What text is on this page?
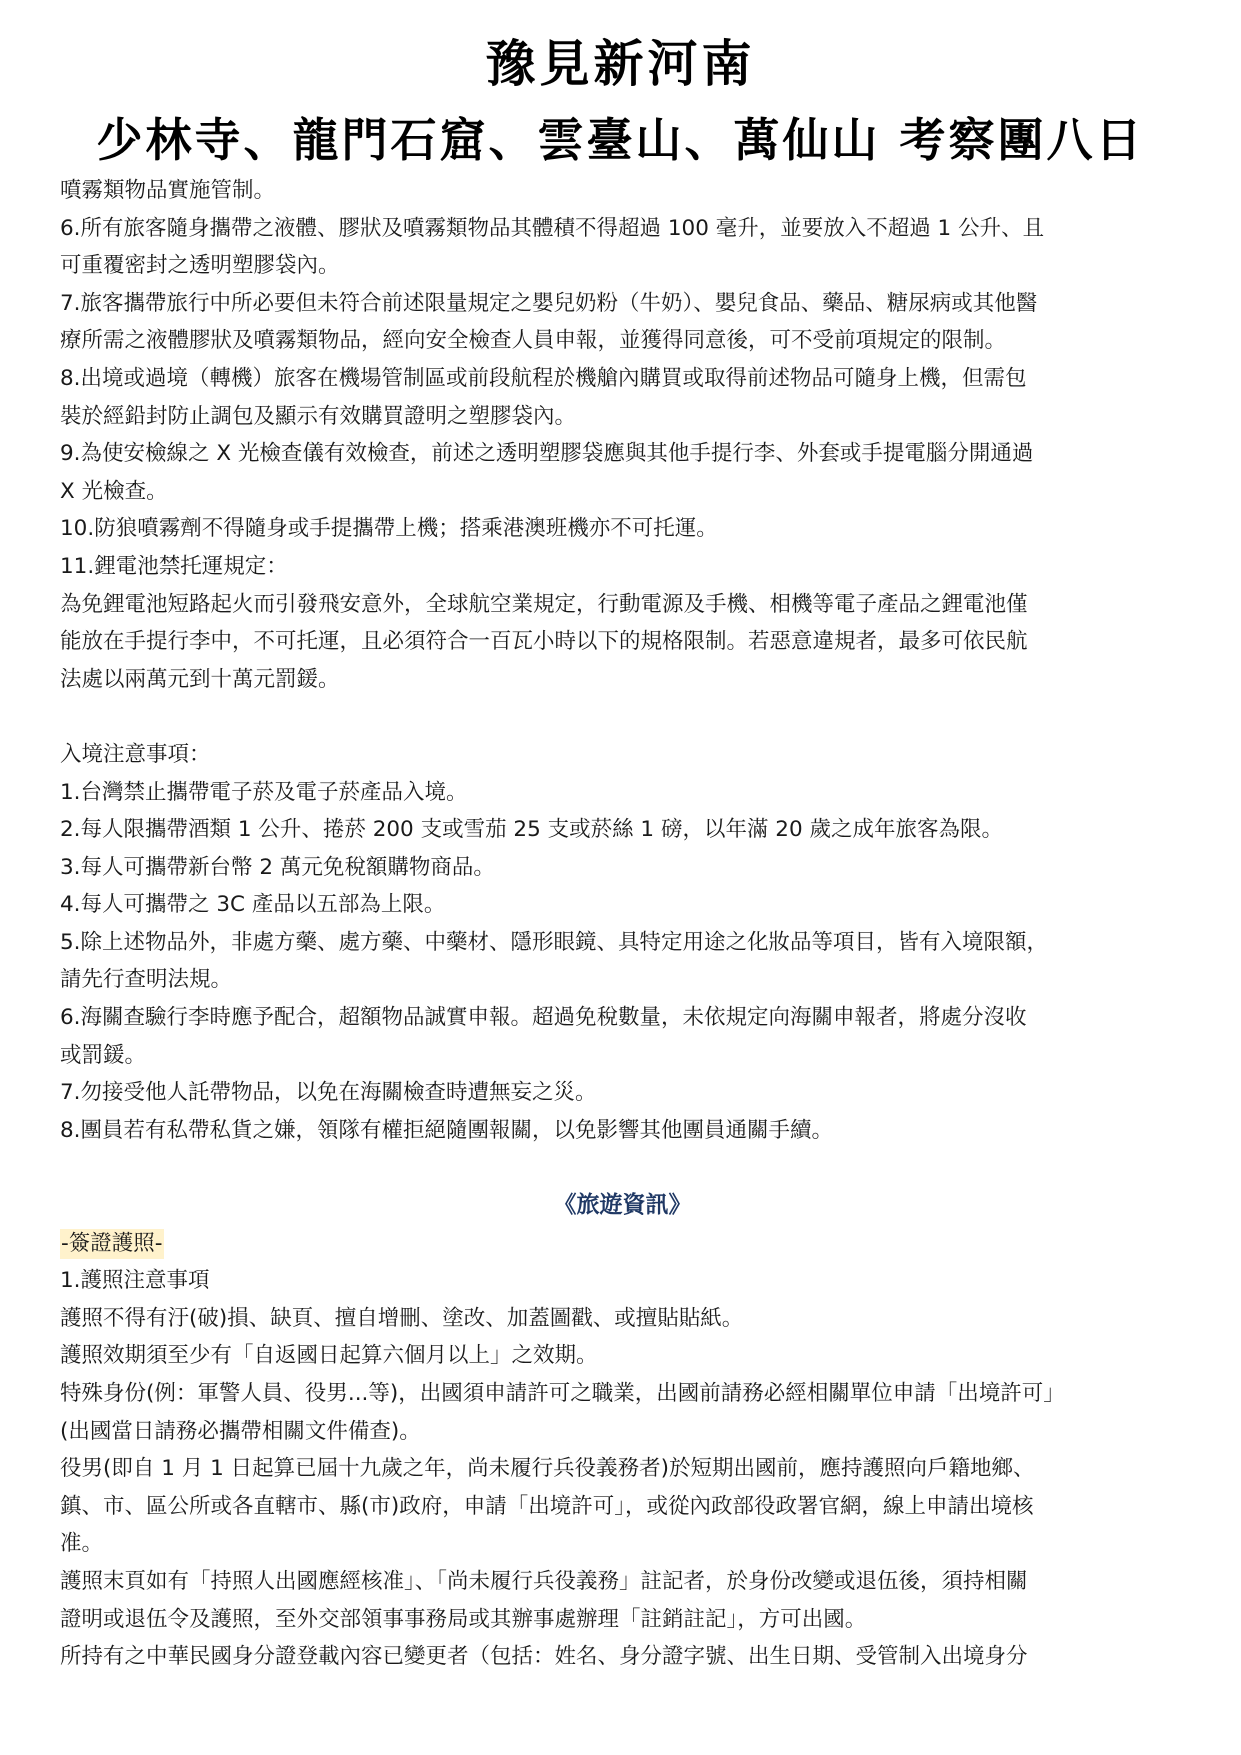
豫見新河南
少林寺、龍門石窟、雲臺山、萬仙山 考察團八日
噴霧類物品實施管制。
6.所有旅客隨身攜帶之液體、膠狀及噴霧類物品其體積不得超過 100 毫升，並要放入不超過 1 公升、且
可重覆密封之透明塑膠袋內。
7.旅客攜帶旅行中所必要但未符合前述限量規定之嬰兒奶粉（牛奶）、嬰兒食品、藥品、糖尿病或其他醫
療所需之液體膠狀及噴霧類物品，經向安全檢查人員申報，並獲得同意後，可不受前項規定的限制。
8.出境或過境（轉機）旅客在機場管制區或前段航程於機艙內購買或取得前述物品可隨身上機，但需包
裝於經鉛封防止調包及顯示有效購買證明之塑膠袋內。
9.為使安檢線之 X 光檢查儀有效檢查，前述之透明塑膠袋應與其他手提行李、外套或手提電腦分開通過
X 光檢查。
10.防狼噴霧劑不得隨身或手提攜帶上機；搭乘港澳班機亦不可托運。
11.鋰電池禁托運規定：
為免鋰電池短路起火而引發飛安意外，全球航空業規定，行動電源及手機、相機等電子產品之鋰電池僅
能放在手提行李中，不可托運，且必須符合一百瓦小時以下的規格限制。若惡意違規者，最多可依民航
法處以兩萬元到十萬元罰鍰。
入境注意事項：
1.台灣禁止攜帶電子菸及電子菸產品入境。
2.每人限攜帶酒類 1 公升、捲菸 200 支或雪茄 25 支或菸絲 1 磅，以年滿 20 歲之成年旅客為限。
3.每人可攜帶新台幣 2 萬元免稅額購物商品。
4.每人可攜帶之 3C 產品以五部為上限。
5.除上述物品外，非處方藥、處方藥、中藥材、隱形眼鏡、具特定用途之化妝品等項目，皆有入境限額，
請先行查明法規。
6.海關查驗行李時應予配合，超額物品誠實申報。超過免稅數量，未依規定向海關申報者，將處分沒收
或罰鍰。
7.勿接受他人託帶物品，以免在海關檢查時遭無妄之災。
8.團員若有私帶私貨之嫌，領隊有權拒絕隨團報關，以免影響其他團員通關手續。
《旅遊資訊》
-簽證護照-
1.護照注意事項
護照不得有汙(破)損、缺頁、擅自增刪、塗改、加蓋圖戳、或擅貼貼紙。
護照效期須至少有「自返國日起算六個月以上」之效期。
特殊身份(例：軍警人員、役男...等)，出國須申請許可之職業，出國前請務必經相關單位申請「出境許可」
(出國當日請務必攜帶相關文件備查)。
役男(即自 1 月 1 日起算已屆十九歲之年，尚未履行兵役義務者)於短期出國前，應持護照向戶籍地鄉、
鎮、市、區公所或各直轄市、縣(市)政府，申請「出境許可」，或從內政部役政署官網，線上申請出境核
准。
護照末頁如有「持照人出國應經核准」、「尚未履行兵役義務」註記者，於身份改變或退伍後，須持相關
證明或退伍令及護照，至外交部領事事務局或其辦事處辦理「註銷註記」，方可出國。
所持有之中華民國身分證登載內容已變更者（包括：姓名、身分證字號、出生日期、受管制入出境身分
